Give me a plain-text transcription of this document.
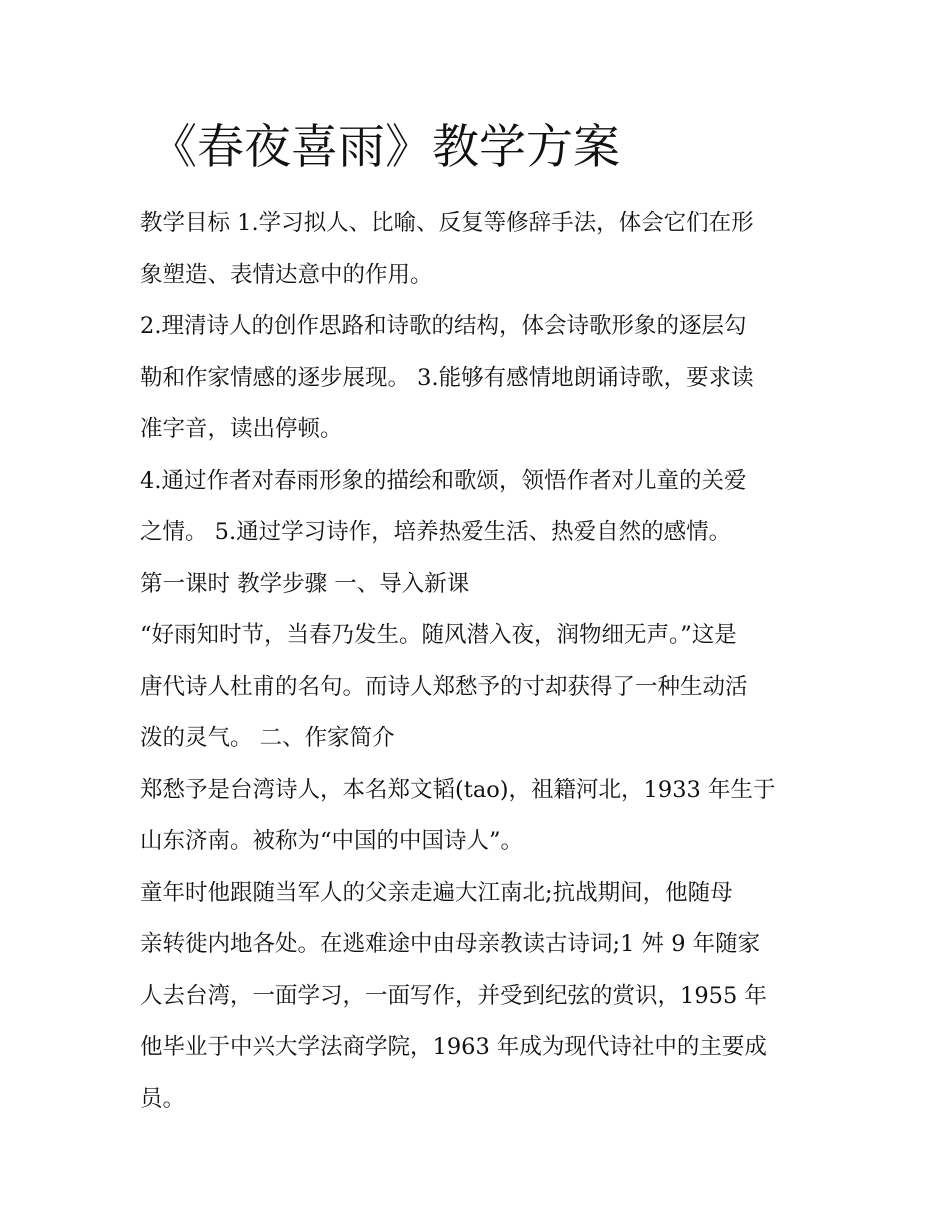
《春夜喜雨》教学方案
教学目标 1.学习拟人、比喻、反复等修辞手法，体会它们在形
象塑造、表情达意中的作用。
2.理清诗人的创作思路和诗歌的结构，体会诗歌形象的逐层勾
勒和作家情感的逐步展现。 3.能够有感情地朗诵诗歌，要求读
准字音，读出停顿。
4.通过作者对春雨形象的描绘和歌颂，领悟作者对儿童的关爱
之情。 5.通过学习诗作，培养热爱生活、热爱自然的感情。
第一课时 教学步骤 一、导入新课
“好雨知时节，当春乃发生。随风潜入夜，润物细无声。”这是
唐代诗人杜甫的名句。而诗人郑愁予的寸却获得了一种生动活
泼的灵气。 二、作家简介
郑愁予是台湾诗人，本名郑文韬(tao)，祖籍河北，1933 年生于
山东济南。被称为“中国的中国诗人”。
童年时他跟随当军人的父亲走遍大江南北;抗战期间，他随母
亲转徙内地各处。在逃难途中由母亲教读古诗词;1 舛 9 年随家
人去台湾，一面学习，一面写作，并受到纪弦的赏识，1955 年
他毕业于中兴大学法商学院，1963 年成为现代诗社中的主要成
员。
